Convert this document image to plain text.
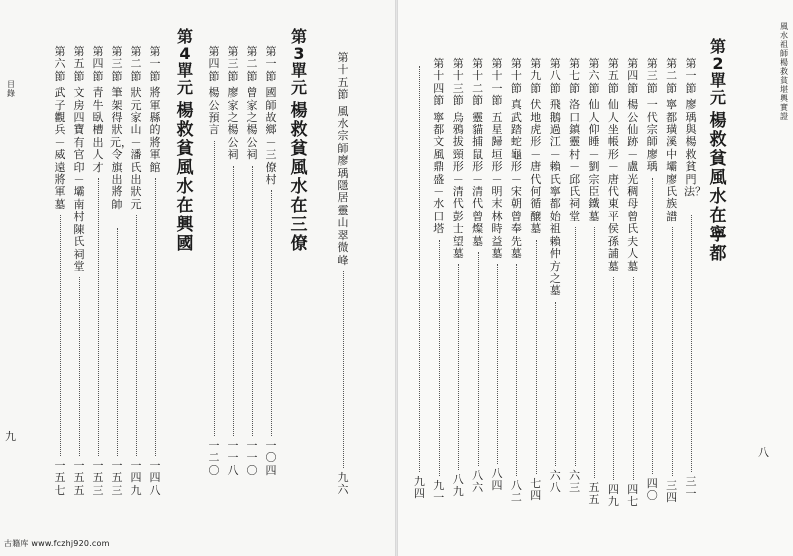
風水祖師楊救貧堪輿實證
八
目錄
九
第2單元
楊救貧風水在寧都
第一節
廖瑀與楊救貧門法？
三一
第二節
寧都璜溪中壩廖氏族譜
三四
第三節
一代宗師廖瑀
四〇
第四節
楊公仙跡－盧光稠母曾氏夫人墓
四七
第五節
仙人坐帳形－唐代東平侯孫誧墓
四九
第六節
仙人仰睡－劉宗臣鐵墓
五五
第七節
洛口鎮靈村－邱氏祠堂
六三
第八節
飛鵝過江－賴氏寧都始祖賴仲方之墓
六八
第九節
伏地虎形－唐代何循醸墓
七四
第十節
真武踏蛇龜形－宋朝曾奉先墓
八二
第十一節
五星歸垣形－明末林時益墓
八四
第十二節
靈貓捕鼠形－清代曾燦墓
八六
第十三節
烏鴉拔頸形－清代彭士望墓
八九
第十四節
寧都文風鼎盛－水口塔
九一
九四
第十五節
風水宗師廖瑀隱居靈山翠微峰
九六
第3單元
楊救貧風水在三僚
第一節
國師故鄉－三僚村
一〇四
第二節
曾家之楊公祠
一一〇
第三節
廖家之楊公祠
一一八
第四節
楊公預言
一二〇
第4單元
楊救貧風水在興國
第一節
將軍縣的將軍館
一四八
第二節
狀元家山－潘氏出狀元
一四九
第三節
筆架得狀元，令旗出將帥
一五三
第四節
青牛臥槽出人才
一五三
第五節
文房四寶有官印－壩南村陳氏祠堂
一五五
第六節
武子觀兵－威遠將軍墓
一五七
古籍库 www.fczhj920.com
